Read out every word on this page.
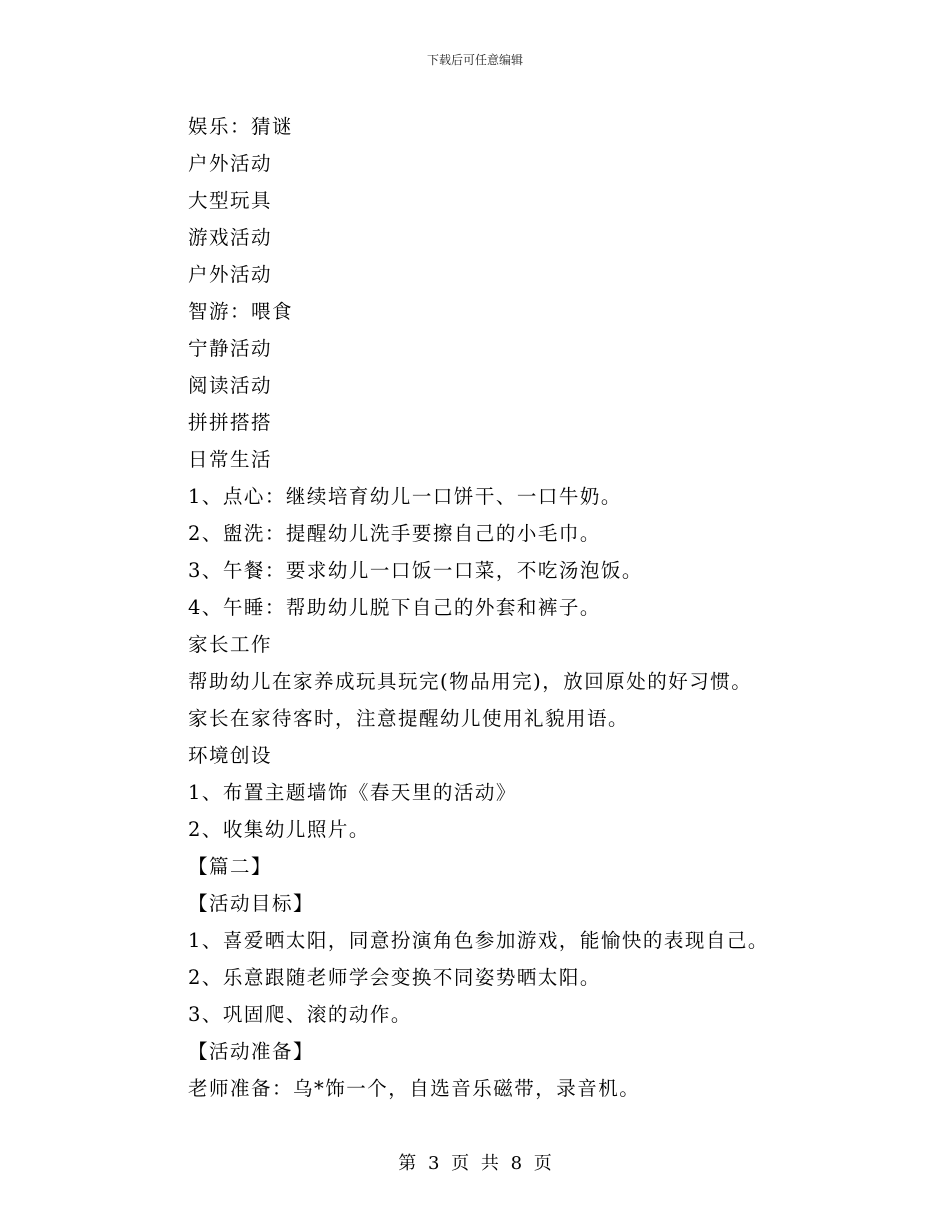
下载后可任意编辑
娱乐：猜谜
户外活动
大型玩具
游戏活动
户外活动
智游：喂食
宁静活动
阅读活动
拼拼搭搭
日常生活
1、点心：继续培育幼儿一口饼干、一口牛奶。
2、盥洗：提醒幼儿洗手要擦自己的小毛巾。
3、午餐：要求幼儿一口饭一口菜，不吃汤泡饭。
4、午睡：帮助幼儿脱下自己的外套和裤子。
家长工作
帮助幼儿在家养成玩具玩完(物品用完)，放回原处的好习惯。
家长在家待客时，注意提醒幼儿使用礼貌用语。
环境创设
1、布置主题墙饰《春天里的活动》
2、收集幼儿照片。
【篇二】
【活动目标】
1、喜爱晒太阳，同意扮演角色参加游戏，能愉快的表现自己。
2、乐意跟随老师学会变换不同姿势晒太阳。
3、巩固爬、滚的动作。
【活动准备】
老师准备：乌*饰一个，自选音乐磁带，录音机。
第 3 页 共 8 页
